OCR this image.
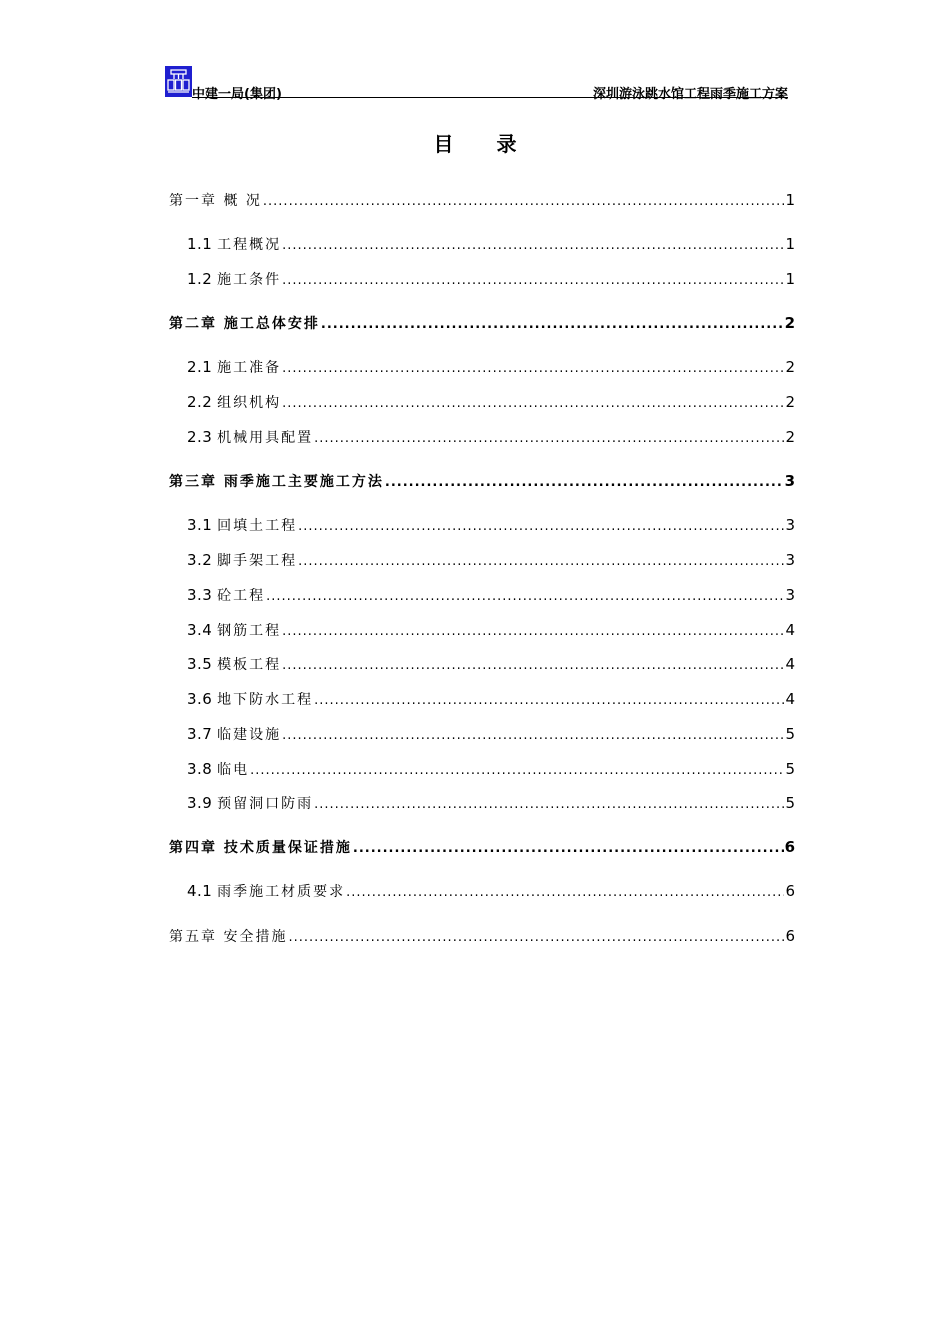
中建一局(集团)	深圳游泳跳水馆工程雨季施工方案
目 录
第一章 概 况 .....	1
1.1 工程概况 .....	1
1.2 施工条件 .....	1
第二章 施工总体安排 .....	2
2.1 施工准备 .....	2
2.2 组织机构 .....	2
2.3 机械用具配置 .....	2
第三章 雨季施工主要施工方法 .....	3
3.1 回填土工程 .....	3
3.2 脚手架工程 .....	3
3.3 砼工程 .....	3
3.4 钢筋工程 .....	4
3.5 模板工程 .....	4
3.6 地下防水工程 .....	4
3.7 临建设施 .....	5
3.8 临电 .....	5
3.9 预留洞口防雨 .....	5
第四章 技术质量保证措施 .....	6
4.1 雨季施工材质要求 .....	6
第五章 安全措施 .....	6
